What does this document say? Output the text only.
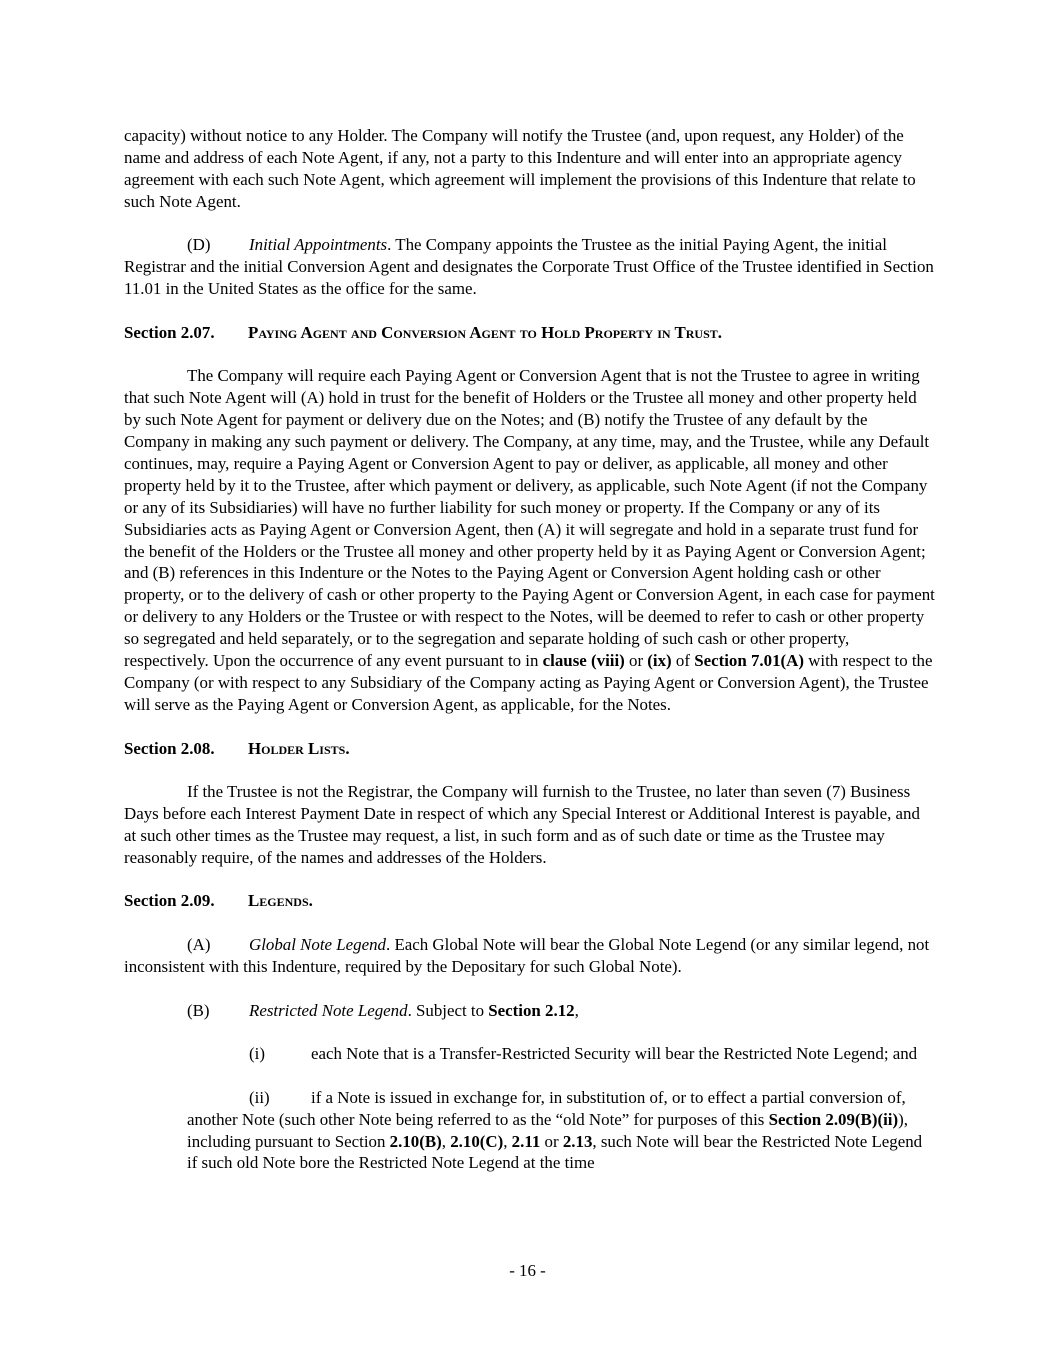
capacity) without notice to any Holder. The Company will notify the Trustee (and, upon request, any Holder) of the name and address of each Note Agent, if any, not a party to this Indenture and will enter into an appropriate agency agreement with each such Note Agent, which agreement will implement the provisions of this Indenture that relate to such Note Agent.

(D) Initial Appointments. The Company appoints the Trustee as the initial Paying Agent, the initial Registrar and the initial Conversion Agent and designates the Corporate Trust Office of the Trustee identified in Section 11.01 in the United States as the office for the same.

Section 2.07. Paying Agent and Conversion Agent to Hold Property in Trust.

The Company will require each Paying Agent or Conversion Agent that is not the Trustee to agree in writing that such Note Agent will (A) hold in trust for the benefit of Holders or the Trustee all money and other property held by such Note Agent for payment or delivery due on the Notes; and (B) notify the Trustee of any default by the Company in making any such payment or delivery. The Company, at any time, may, and the Trustee, while any Default continues, may, require a Paying Agent or Conversion Agent to pay or deliver, as applicable, all money and other property held by it to the Trustee, after which payment or delivery, as applicable, such Note Agent (if not the Company or any of its Subsidiaries) will have no further liability for such money or property. If the Company or any of its Subsidiaries acts as Paying Agent or Conversion Agent, then (A) it will segregate and hold in a separate trust fund for the benefit of the Holders or the Trustee all money and other property held by it as Paying Agent or Conversion Agent; and (B) references in this Indenture or the Notes to the Paying Agent or Conversion Agent holding cash or other property, or to the delivery of cash or other property to the Paying Agent or Conversion Agent, in each case for payment or delivery to any Holders or the Trustee or with respect to the Notes, will be deemed to refer to cash or other property so segregated and held separately, or to the segregation and separate holding of such cash or other property, respectively. Upon the occurrence of any event pursuant to in clause (viii) or (ix) of Section 7.01(A) with respect to the Company (or with respect to any Subsidiary of the Company acting as Paying Agent or Conversion Agent), the Trustee will serve as the Paying Agent or Conversion Agent, as applicable, for the Notes.

Section 2.08. Holder Lists.

If the Trustee is not the Registrar, the Company will furnish to the Trustee, no later than seven (7) Business Days before each Interest Payment Date in respect of which any Special Interest or Additional Interest is payable, and at such other times as the Trustee may request, a list, in such form and as of such date or time as the Trustee may reasonably require, of the names and addresses of the Holders.

Section 2.09. Legends.

(A) Global Note Legend. Each Global Note will bear the Global Note Legend (or any similar legend, not inconsistent with this Indenture, required by the Depositary for such Global Note).

(B) Restricted Note Legend. Subject to Section 2.12,

(i)	each Note that is a Transfer-Restricted Security will bear the Restricted Note Legend; and

(ii) if a Note is issued in exchange for, in substitution of, or to effect a partial conversion of, another Note (such other Note being referred to as the “old Note” for purposes of this Section 2.09(B)(ii)), including pursuant to Section 2.10(B), 2.10(C), 2.11 or 2.13, such Note will bear the Restricted Note Legend if such old Note bore the Restricted Note Legend at the time

- 16 -
